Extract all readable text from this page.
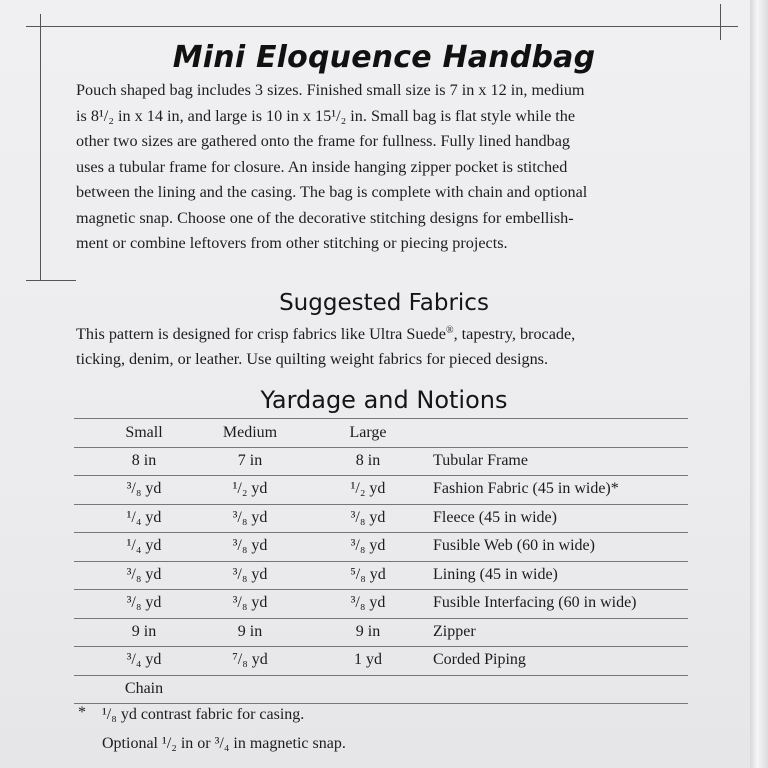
Mini Eloquence Handbag
Pouch shaped bag includes 3 sizes. Finished small size is 7 in x 12 in, medium
is 8¹/₂ in x 14 in, and large is 10 in x 15¹/₂ in. Small bag is flat style while the
other two sizes are gathered onto the frame for fullness. Fully lined handbag
uses a tubular frame for closure. An inside hanging zipper pocket is stitched
between the lining and the casing. The bag is complete with chain and optional
magnetic snap. Choose one of the decorative stitching designs for embellish-
ment or combine leftovers from other stitching or piecing projects.
Suggested Fabrics
This pattern is designed for crisp fabrics like Ultra Suede®, tapestry, brocade,
ticking, denim, or leather. Use quilting weight fabrics for pieced designs.
Yardage and Notions
Small	Medium	Large
8 in	7 in	8 in	Tubular Frame
³/₈ yd	¹/₂ yd	¹/₂ yd	Fashion Fabric (45 in wide)*
¹/₄ yd	³/₈ yd	³/₈ yd	Fleece (45 in wide)
¹/₄ yd	³/₈ yd	³/₈ yd	Fusible Web (60 in wide)
³/₈ yd	³/₈ yd	⁵/₈ yd	Lining (45 in wide)
³/₈ yd	³/₈ yd	³/₈ yd	Fusible Interfacing (60 in wide)
9 in	9 in	9 in	Zipper
³/₄ yd	⁷/₈ yd	1 yd	Corded Piping
Chain
* ¹/₈ yd contrast fabric for casing.
Optional ¹/₂ in or ³/₄ in magnetic snap.
